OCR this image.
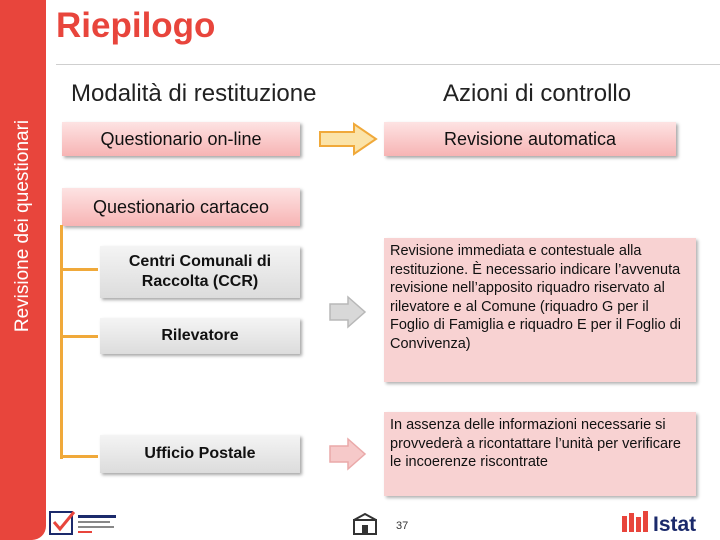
Revisione dei questionari
Riepilogo
Modalità di restituzione	Azioni di controllo
Questionario on-line	Revisione automatica
Questionario cartaceo
Centri Comunali di Raccolta (CCR)
Rilevatore
Ufficio Postale
Revisione immediata e contestuale alla restituzione. È necessario indicare l’avvenuta revisione nell’apposito riquadro riservato al rilevatore e al Comune (riquadro G per il Foglio di Famiglia e riquadro E per il Foglio di Convivenza)
In assenza delle informazioni necessarie si provvederà a ricontattare l’unità per verificare le incoerenze riscontrate
37	Istat
